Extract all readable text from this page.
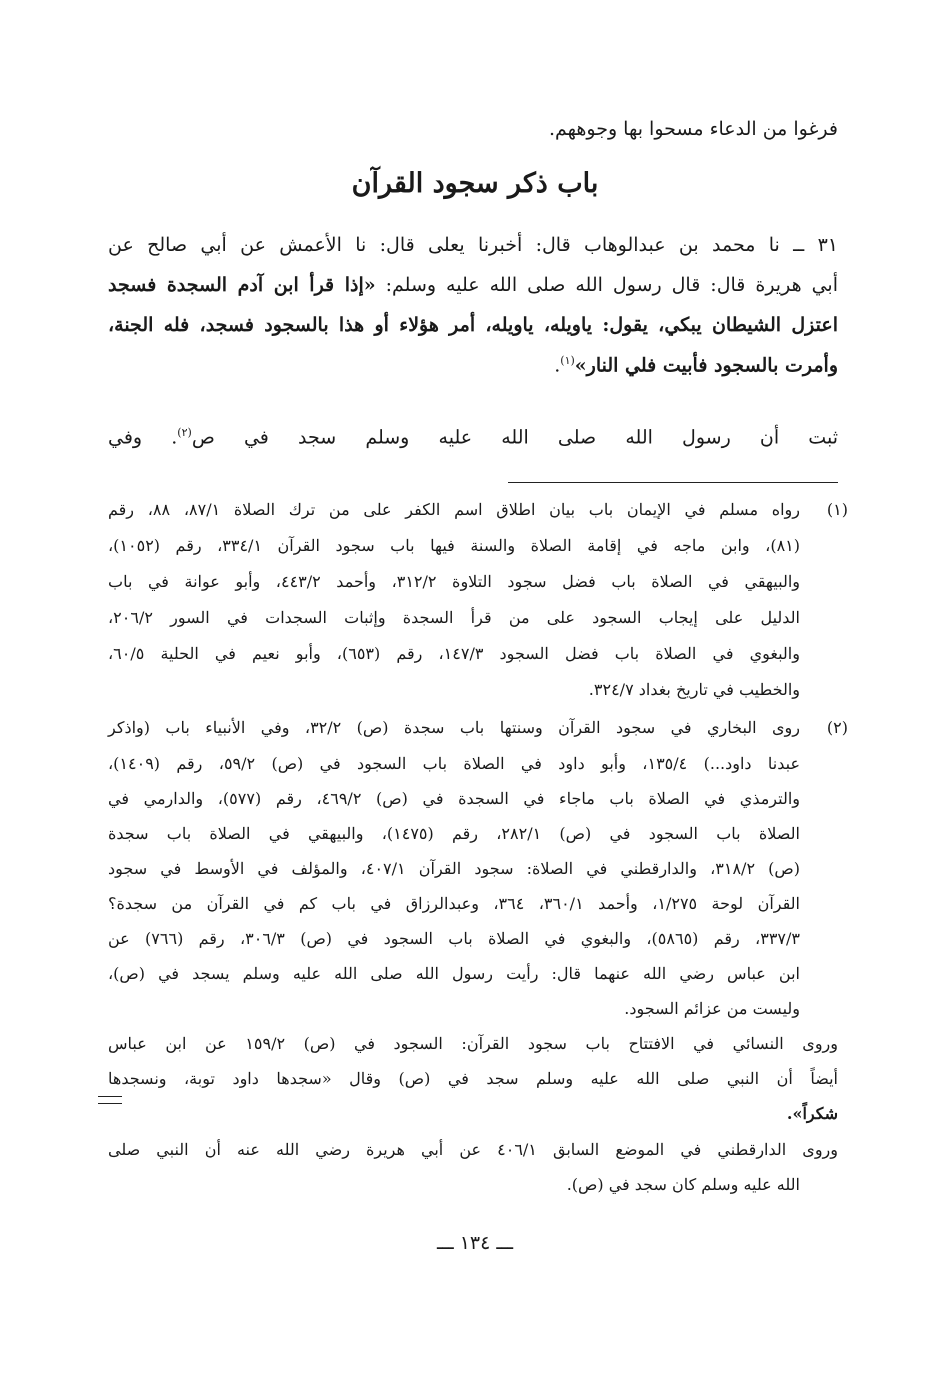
فرغوا من الدعاء مسحوا بها وجوههم.
باب ذكر سجود القرآن
٣١ ــ نا محمد بن عبدالوهاب قال: أخبرنا يعلى قال: نا الأعمش عن أبي صالح عن
أبي هريرة قال: قال رسول الله صلى الله عليه وسلم: «إذا قرأ ابن آدم السجدة فسجد
اعتزل الشيطان يبكي، يقول: ياويله، ياويله، أمر هؤلاء أو هذا بالسجود فسجد، فله الجنة،
وأمرت بالسجود فأبيت فلي النار»$^{(١)}$.
ثبت أن رسول الله صلى الله عليه وسلم سجد في ص$^{(٢)}$. وفي
(١)
رواه مسلم في الإيمان باب بيان اطلاق اسم الكفر على من ترك الصلاة ٨٧/١، ٨٨، رقم
(٨١)، وابن ماجه في إقامة الصلاة والسنة فيها باب سجود القرآن ٣٣٤/١، رقم (١٠٥٢)،
والبيهقي في الصلاة باب فضل سجود التلاوة ٣١٢/٢، وأحمد ٤٤٣/٢، وأبو عوانة في باب
الدليل على إيجاب السجود على من قرأ السجدة وإثبات السجدات في السور ٢٠٦/٢،
والبغوي في الصلاة باب فضل السجود ١٤٧/٣، رقم (٦٥٣)، وأبو نعيم في الحلية ٦٠/٥،
والخطيب في تاريخ بغداد ٣٢٤/٧.
(٢)
روى البخاري في سجود القرآن وسنتها باب سجدة (ص) ٣٢/٢، وفي الأنبياء باب (واذكر
عبدنا داود...) ١٣٥/٤، وأبو داود في الصلاة باب السجود في (ص) ٥٩/٢، رقم (١٤٠٩)،
والترمذي في الصلاة باب ماجاء في السجدة في (ص) ٤٦٩/٢، رقم (٥٧٧)، والدارمي في
الصلاة باب السجود في (ص) ٢٨٢/١، رقم (١٤٧٥)، والبيهقي في الصلاة باب سجدة
(ص) ٣١٨/٢، والدارقطني في الصلاة: سجود القرآن ٤٠٧/١، والمؤلف في الأوسط في سجود
القرآن لوحة ١/٢٧٥، وأحمد ٣٦٠/١، ٣٦٤، وعبدالرزاق في باب كم في القرآن من سجدة؟
٣٣٧/٣، رقم (٥٨٦٥)، والبغوي في الصلاة باب السجود في (ص) ٣٠٦/٣، رقم (٧٦٦) عن
ابن عباس رضي الله عنهما قال: رأيت رسول الله صلى الله عليه وسلم يسجد في (ص)،
وليست من عزائم السجود.
وروى النسائي في الافتتاح باب سجود القرآن: السجود في (ص) ١٥٩/٢ عن ابن عباس
أيضاً أن النبي صلى الله عليه وسلم سجد في (ص) وقال «سجدها داود توبة، ونسجدها
شكراً».
وروى الدارقطني في الموضع السابق ٤٠٦/١ عن أبي هريرة رضي الله عنه أن النبي صلى
الله عليه وسلم كان سجد في (ص).
ـــ ١٣٤ ـــ
